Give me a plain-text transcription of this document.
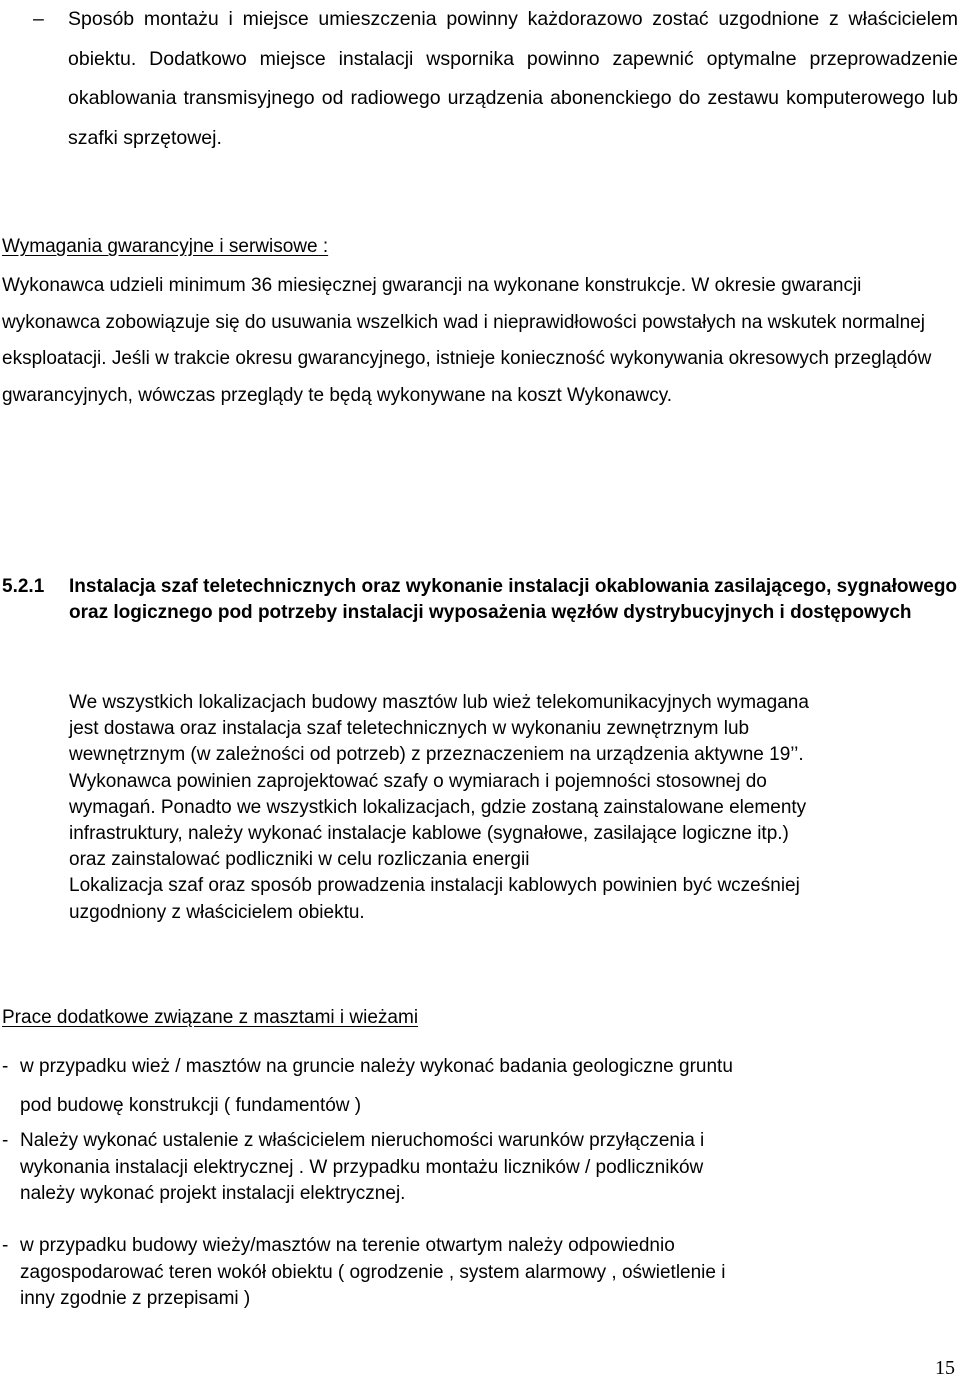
– Sposób montażu i miejsce umieszczenia powinny każdorazowo zostać uzgodnione z właścicielem obiektu. Dodatkowo miejsce instalacji wspornika powinno zapewnić optymalne przeprowadzenie okablowania transmisyjnego od radiowego urządzenia abonenckiego do zestawu komputerowego lub szafki sprzętowej.

Wymagania gwarancyjne i serwisowe :

Wykonawca udzieli minimum 36 miesięcznej gwarancji na wykonane konstrukcje. W okresie gwarancji wykonawca zobowiązuje się do usuwania wszelkich wad i nieprawidłowości powstałych na wskutek normalnej eksploatacji. Jeśli w trakcie okresu gwarancyjnego, istnieje konieczność wykonywania okresowych przeglądów gwarancyjnych, wówczas przeglądy te będą wykonywane na koszt Wykonawcy.

5.2.1 Instalacja szaf teletechnicznych oraz wykonanie instalacji okablowania zasilającego, sygnałowego oraz logicznego pod potrzeby instalacji wyposażenia węzłów dystrybucyjnych i dostępowych
We wszystkich lokalizacjach budowy masztów lub wież telekomunikacyjnych wymagana
jest dostawa oraz instalacja szaf teletechnicznych w wykonaniu zewnętrznym lub
wewnętrznym (w zależności od potrzeb) z przeznaczeniem na urządzenia aktywne 19’’.
Wykonawca powinien zaprojektować szafy o wymiarach i pojemności stosownej do
wymagań. Ponadto we wszystkich lokalizacjach, gdzie zostaną zainstalowane elementy
infrastruktury, należy wykonać instalacje kablowe (sygnałowe, zasilające logiczne itp.)
oraz zainstalować podliczniki w celu rozliczania energii
Lokalizacja szaf oraz sposób prowadzenia instalacji kablowych powinien być wcześniej
uzgodniony z właścicielem obiektu.
Prace dodatkowe związane z masztami i wieżami
- w przypadku wież / masztów na gruncie należy wykonać badania geologiczne gruntu
pod budowę konstrukcji ( fundamentów )
- Należy wykonać ustalenie z właścicielem nieruchomości warunków przyłączenia i
wykonania instalacji elektrycznej . W przypadku montażu liczników / podliczników
należy wykonać projekt instalacji elektrycznej.
- w przypadku budowy wieży/masztów na terenie otwartym należy odpowiednio
zagospodarować teren wokół obiektu ( ogrodzenie , system alarmowy , oświetlenie i
inny zgodnie z przepisami )
15
